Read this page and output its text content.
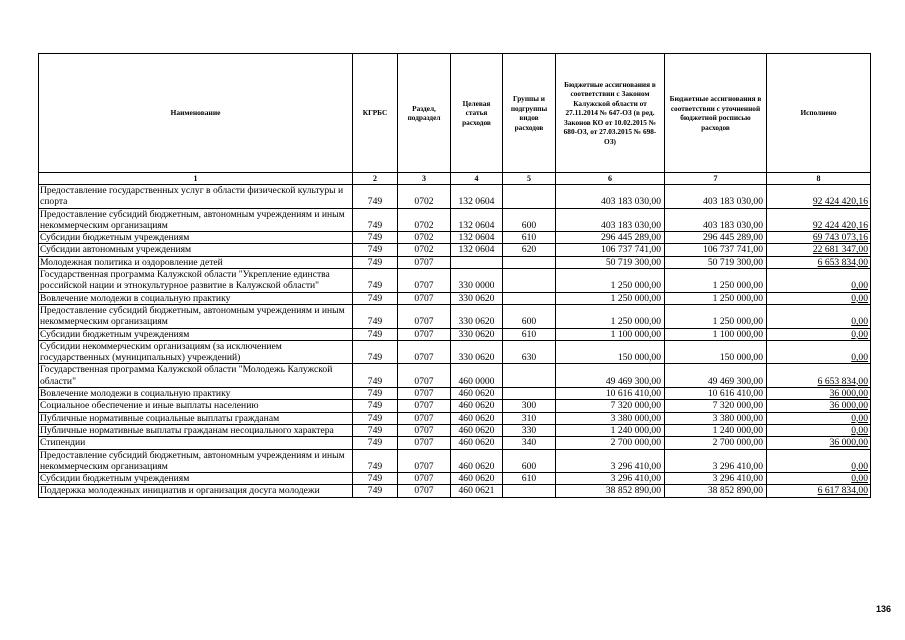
Наименование	КГРБС	Раздел, подраздел	Целевая статья расходов	Группы и подгруппы видов расходов	Бюджетные ассигнования в соответствии с Законом Калужской области от 27.11.2014 № 647-ОЗ (в ред. Законов КО от 10.02.2015 № 680-ОЗ, от 27.03.2015 № 698-ОЗ)	Бюджетные ассигнования в соответствии с уточненной бюджетной росписью расходов	Исполнено
1	2	3	4	5	6	7	8
Предоставление государственных услуг в области физической культуры и спорта	749	0702	132 0604		403 183 030,00	403 183 030,00	92 424 420,16
Предоставление субсидий бюджетным, автономным учреждениям и иным некоммерческим организациям	749	0702	132 0604	600	403 183 030,00	403 183 030,00	92 424 420,16
Субсидии бюджетным учреждениям	749	0702	132 0604	610	296 445 289,00	296 445 289,00	69 743 073,16
Субсидии автономным учреждениям	749	0702	132 0604	620	106 737 741,00	106 737 741,00	22 681 347,00
Молодежная политика и оздоровление детей	749	0707			50 719 300,00	50 719 300,00	6 653 834,00
Государственная программа Калужской области "Укрепление единства российской нации и этнокультурное развитие в Калужской области"	749	0707	330 0000		1 250 000,00	1 250 000,00	0,00
Вовлечение молодежи в социальную практику	749	0707	330 0620		1 250 000,00	1 250 000,00	0,00
Предоставление субсидий бюджетным, автономным учреждениям и иным некоммерческим организациям	749	0707	330 0620	600	1 250 000,00	1 250 000,00	0,00
Субсидии бюджетным учреждениям	749	0707	330 0620	610	1 100 000,00	1 100 000,00	0,00
Субсидии некоммерческим организациям (за исключением государственных (муниципальных) учреждений)	749	0707	330 0620	630	150 000,00	150 000,00	0,00
Государственная программа Калужской области "Молодежь Калужской области"	749	0707	460 0000		49 469 300,00	49 469 300,00	6 653 834,00
Вовлечение молодежи в социальную практику	749	0707	460 0620		10 616 410,00	10 616 410,00	36 000,00
Социальное обеспечение и иные выплаты населению	749	0707	460 0620	300	7 320 000,00	7 320 000,00	36 000,00
Публичные нормативные социальные выплаты гражданам	749	0707	460 0620	310	3 380 000,00	3 380 000,00	0,00
Публичные нормативные выплаты гражданам несоциального характера	749	0707	460 0620	330	1 240 000,00	1 240 000,00	0,00
Стипендии	749	0707	460 0620	340	2 700 000,00	2 700 000,00	36 000,00
Предоставление субсидий бюджетным, автономным учреждениям и иным некоммерческим организациям	749	0707	460 0620	600	3 296 410,00	3 296 410,00	0,00
Субсидии бюджетным учреждениям	749	0707	460 0620	610	3 296 410,00	3 296 410,00	0,00
Поддержка молодежных инициатив и организация досуга молодежи	749	0707	460 0621		38 852 890,00	38 852 890,00	6 617 834,00
136
